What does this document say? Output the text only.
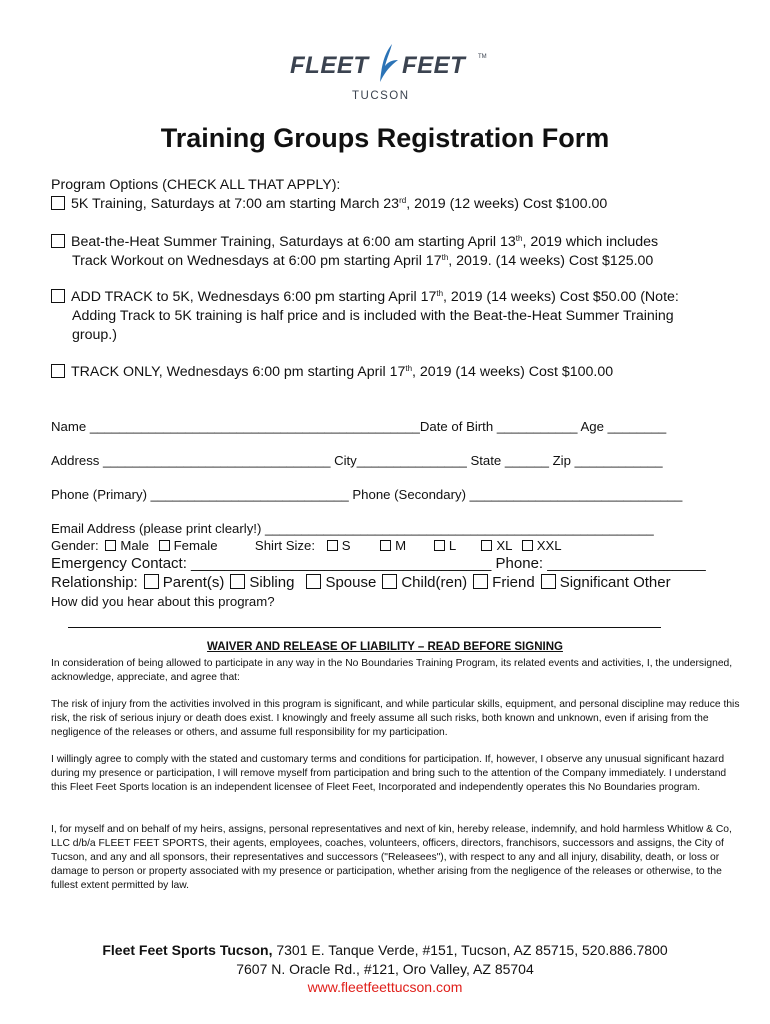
FLEET FEET TM
TUCSON
Training Groups Registration Form
Program Options (CHECK ALL THAT APPLY):
5K Training, Saturdays at 7:00 am starting March 23rd, 2019 (12 weeks) Cost $100.00
Beat-the-Heat Summer Training, Saturdays at 6:00 am starting April 13th, 2019 which includes
Track Workout on Wednesdays at 6:00 pm starting April 17th, 2019. (14 weeks) Cost $125.00
ADD TRACK to 5K, Wednesdays 6:00 pm starting April 17th, 2019 (14 weeks) Cost $50.00 (Note:
Adding Track to 5K training is half price and is included with the Beat-the-Heat Summer Training
group.)
TRACK ONLY, Wednesdays 6:00 pm starting April 17th, 2019 (14 weeks) Cost $100.00
Name _____________________________________________Date of Birth ___________ Age ________
Address _______________________________ City_______________ State ______ Zip ____________
Phone (Primary) ___________________________ Phone (Secondary) _____________________________
Email Address (please print clearly!) _____________________________________________________
Gender: Male Female	Shirt Size: S	M	L	XL XXL
Emergency Contact: ____________________________________ Phone: ___________________
Relationship: Parent(s) Sibling Spouse Child(ren) Friend Significant Other
How did you hear about this program?
WAIVER AND RELEASE OF LIABILITY – READ BEFORE SIGNING
In consideration of being allowed to participate in any way in the No Boundaries Training Program, its related events and activities, I, the undersigned, acknowledge, appreciate, and agree that:
The risk of injury from the activities involved in this program is significant, and while particular skills, equipment, and personal discipline may reduce this risk, the risk of serious injury or death does exist. I knowingly and freely assume all such risks, both known and unknown, even if arising from the negligence of the releases or others, and assume full responsibility for my participation.
I willingly agree to comply with the stated and customary terms and conditions for participation. If, however, I observe any unusual significant hazard during my presence or participation, I will remove myself from participation and bring such to the attention of the Company immediately. I understand this Fleet Feet Sports location is an independent licensee of Fleet Feet, Incorporated and independently operates this No Boundaries program.
I, for myself and on behalf of my heirs, assigns, personal representatives and next of kin, hereby release, indemnify, and hold harmless Whitlow & Co, LLC d/b/a FLEET FEET SPORTS, their agents, employees, coaches, volunteers, officers, directors, franchisors, successors and assigns, the City of Tucson, and any and all sponsors, their representatives and successors ("Releasees"), with respect to any and all injury, disability, death, or loss or damage to person or property associated with my presence or participation, whether arising from the negligence of the releases or otherwise, to the fullest extent permitted by law.
Fleet Feet Sports Tucson, 7301 E. Tanque Verde, #151, Tucson, AZ 85715, 520.886.7800
7607 N. Oracle Rd., #121, Oro Valley, AZ 85704
www.fleetfeettucson.com
